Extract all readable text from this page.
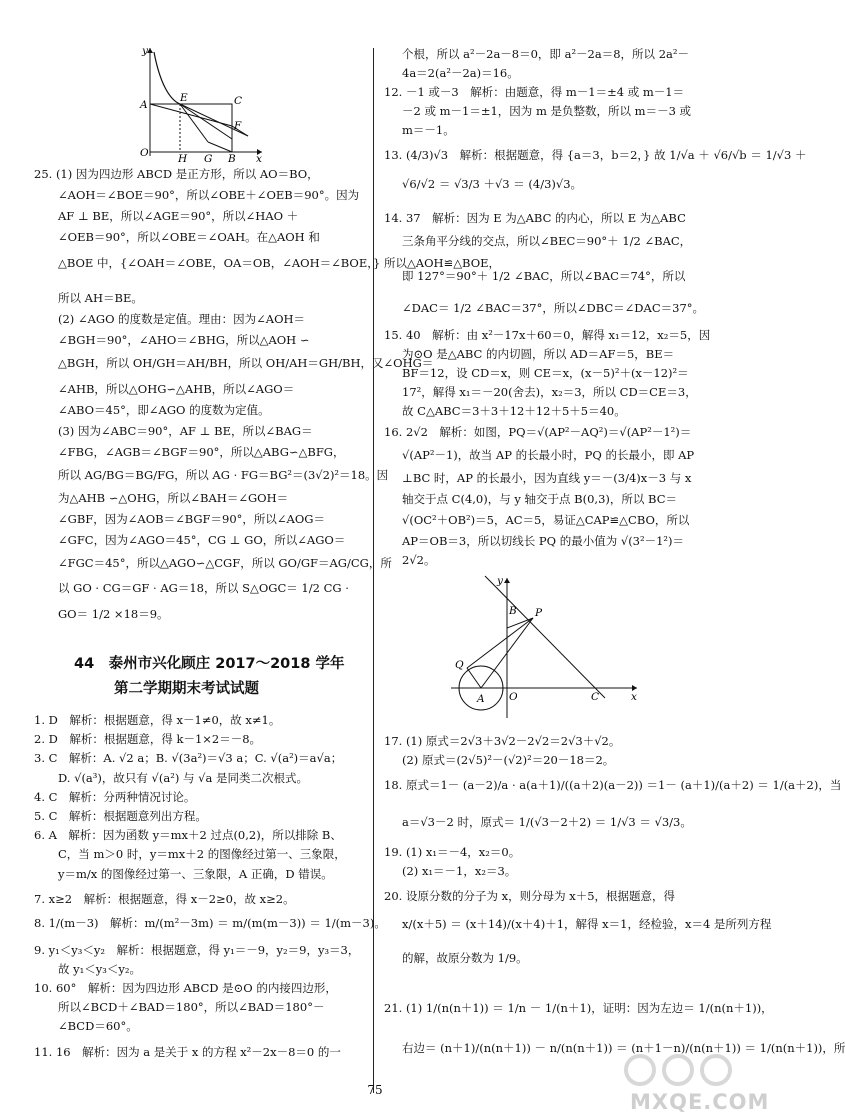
y
A
E	C
F
O	H G B x
25. (1) 因为四边形 ABCD 是正方形，所以 AO＝BO，
∠AOH＝∠BOE＝90°，所以∠OBE＋∠OEB＝90°。因为
AF ⊥ BE，所以∠AGE＝90°，所以∠HAO ＋
∠OEB＝90°，所以∠OBE＝∠OAH。在△AOH 和
△BOE 中，{∠OAH＝∠OBE，OA＝OB，∠AOH＝∠BOE，} 所以△AOH≌△BOE，
所以 AH＝BE。
(2) ∠AGO 的度数是定值。理由：因为∠AOH＝
∠BGH＝90°，∠AHO＝∠BHG，所以△AOH ∽
△BGH，所以 OH/GH＝AH/BH，所以 OH/AH＝GH/BH，又∠OHG＝
∠AHB，所以△OHG∽△AHB，所以∠AGO＝
∠ABO＝45°，即∠AGO 的度数为定值。
(3) 因为∠ABC＝90°，AF ⊥ BE，所以∠BAG＝
∠FBG，∠AGB＝∠BGF＝90°，所以△ABG∽△BFG，
所以 AG/BG＝BG/FG，所以 AG · FG＝BG²＝(3√2)²＝18。因
为△AHB ∽△OHG，所以∠BAH＝∠GOH＝
∠GBF，因为∠AOB＝∠BGF＝90°，所以∠AOG＝
∠GFC，因为∠AGO＝45°，CG ⊥ GO，所以∠AGO＝
∠FGC＝45°，所以△AGO∽△CGF，所以 GO/GF＝AG/CG，所
以 GO · CG＝GF · AG＝18，所以 S△OGC＝ 1/2 CG ·
GO＝ 1/2 ×18＝9。
44　泰州市兴化顾庄 2017～2018 学年
第二学期期末考试试题
1. D　解析：根据题意，得 x－1≠0，故 x≠1。
2. D　解析：根据题意，得 k－1×2＝－8。
3. C　解析：A. √2 a；B. √(3a²)＝√3 a；C. √(a²)＝a√a；
D. √(a³)，故只有 √(a²) 与 √a 是同类二次根式。
4. C　解析：分两种情况讨论。
5. C　解析：根据题意列出方程。
6. A　解析：因为函数 y＝mx＋2 过点(0,2)，所以排除 B、
C，当 m＞0 时，y＝mx＋2 的图像经过第一、三象限，
y＝m/x 的图像经过第一、三象限，A 正确，D 错误。
7. x≥2　解析：根据题意，得 x－2≥0，故 x≥2。
8. 1/(m－3)　解析：m/(m²－3m) ＝ m/(m(m－3)) ＝ 1/(m－3)。
9. y₁＜y₃＜y₂　解析：根据题意，得 y₁＝－9，y₂＝9，y₃＝3，
故 y₁＜y₃＜y₂。
10. 60°　解析：因为四边形 ABCD 是⊙O 的内接四边形，
所以∠BCD＋∠BAD＝180°，所以∠BAD＝180°－
∠BCD＝60°。
11. 16　解析：因为 a 是关于 x 的方程 x²－2x－8＝0 的一
个根，所以 a²－2a－8＝0，即 a²－2a＝8，所以 2a²－
4a＝2(a²－2a)＝16。
12. －1 或－3　解析：由题意，得 m－1＝±4 或 m－1＝
－2 或 m－1＝±1，因为 m 是负整数，所以 m＝－3 或
m＝－1。
13. (4/3)√3　解析：根据题意，得 {a＝3，b＝2，} 故 1/√a ＋ √6/√b ＝ 1/√3 ＋
√6/√2 ＝ √3/3 ＋√3 ＝ (4/3)√3。
14. 37　解析：因为 E 为△ABC 的内心，所以 E 为△ABC
三条角平分线的交点，所以∠BEC＝90°＋ 1/2 ∠BAC，
即 127°＝90°＋ 1/2 ∠BAC，所以∠BAC＝74°，所以
∠DAC＝ 1/2 ∠BAC＝37°，所以∠DBC＝∠DAC＝37°。
15. 40　解析：由 x²－17x＋60＝0，解得 x₁＝12，x₂＝5，因
为⊙O 是△ABC 的内切圆，所以 AD＝AF＝5，BE＝
BF＝12，设 CD＝x，则 CE＝x，(x－5)²＋(x－12)²＝
17²，解得 x₁＝－20(舍去)，x₂＝3，所以 CD＝CE＝3，
故 C△ABC＝3＋3＋12＋12＋5＋5＝40。
16. 2√2　解析：如图，PQ＝√(AP²－AQ²)＝√(AP²－1²)＝
√(AP²－1)，故当 AP 的长最小时，PQ 的长最小，即 AP
⊥BC 时，AP 的长最小，因为直线 y＝－(3/4)x－3 与 x
轴交于点 C(4,0)，与 y 轴交于点 B(0,3)，所以 BC＝
√(OC²＋OB²)＝5，AC＝5，易证△CAP≌△CBO，所以
AP＝OB＝3，所以切线长 PQ 的最小值为 √(3²－1²)＝
2√2。
y
B P
Q
A O	C	x
17. (1) 原式＝2√3＋3√2－2√2＝2√3＋√2。
(2) 原式＝(2√5)²－(√2)²＝20－18＝2。
18. 原式＝1－ (a－2)/a · a(a＋1)/((a＋2)(a－2)) ＝1－ (a＋1)/(a＋2) ＝ 1/(a＋2)，当
a＝√3－2 时，原式＝ 1/(√3－2＋2) ＝ 1/√3 ＝ √3/3。
19. (1) x₁＝－4，x₂＝0。
(2) x₁＝－1，x₂＝3。
20. 设原分数的分子为 x，则分母为 x＋5，根据题意，得
x/(x＋5) ＝ (x＋14)/(x＋4)＋1，解得 x＝1，经检验，x＝4 是所列方程
的解，故原分数为 1/9。
21. (1) 1/(n(n＋1)) ＝ 1/n － 1/(n＋1)，证明：因为左边＝ 1/(n(n＋1))，
右边＝ (n＋1)/(n(n＋1)) － n/(n(n＋1)) ＝ (n＋1－n)/(n(n＋1)) ＝ 1/(n(n＋1))，所
75	MXQE.COM
